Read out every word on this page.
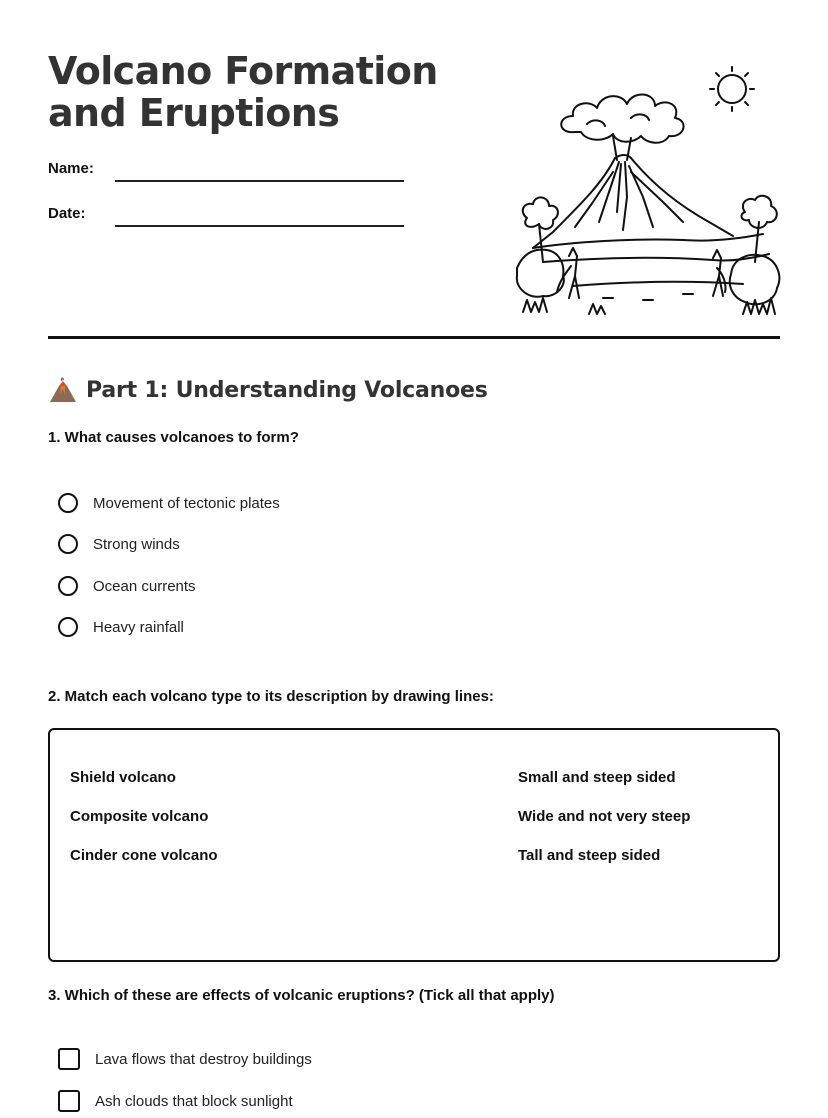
Volcano Formation and Eruptions
Name:
Date:
Part 1: Understanding Volcanoes
1. What causes volcanoes to form?
Movement of tectonic plates
Strong winds
Ocean currents
Heavy rainfall
2. Match each volcano type to its description by drawing lines:
Shield volcano
Composite volcano
Cinder cone volcano
Small and steep sided
Wide and not very steep
Tall and steep sided
3. Which of these are effects of volcanic eruptions? (Tick all that apply)
Lava flows that destroy buildings
Ash clouds that block sunlight
